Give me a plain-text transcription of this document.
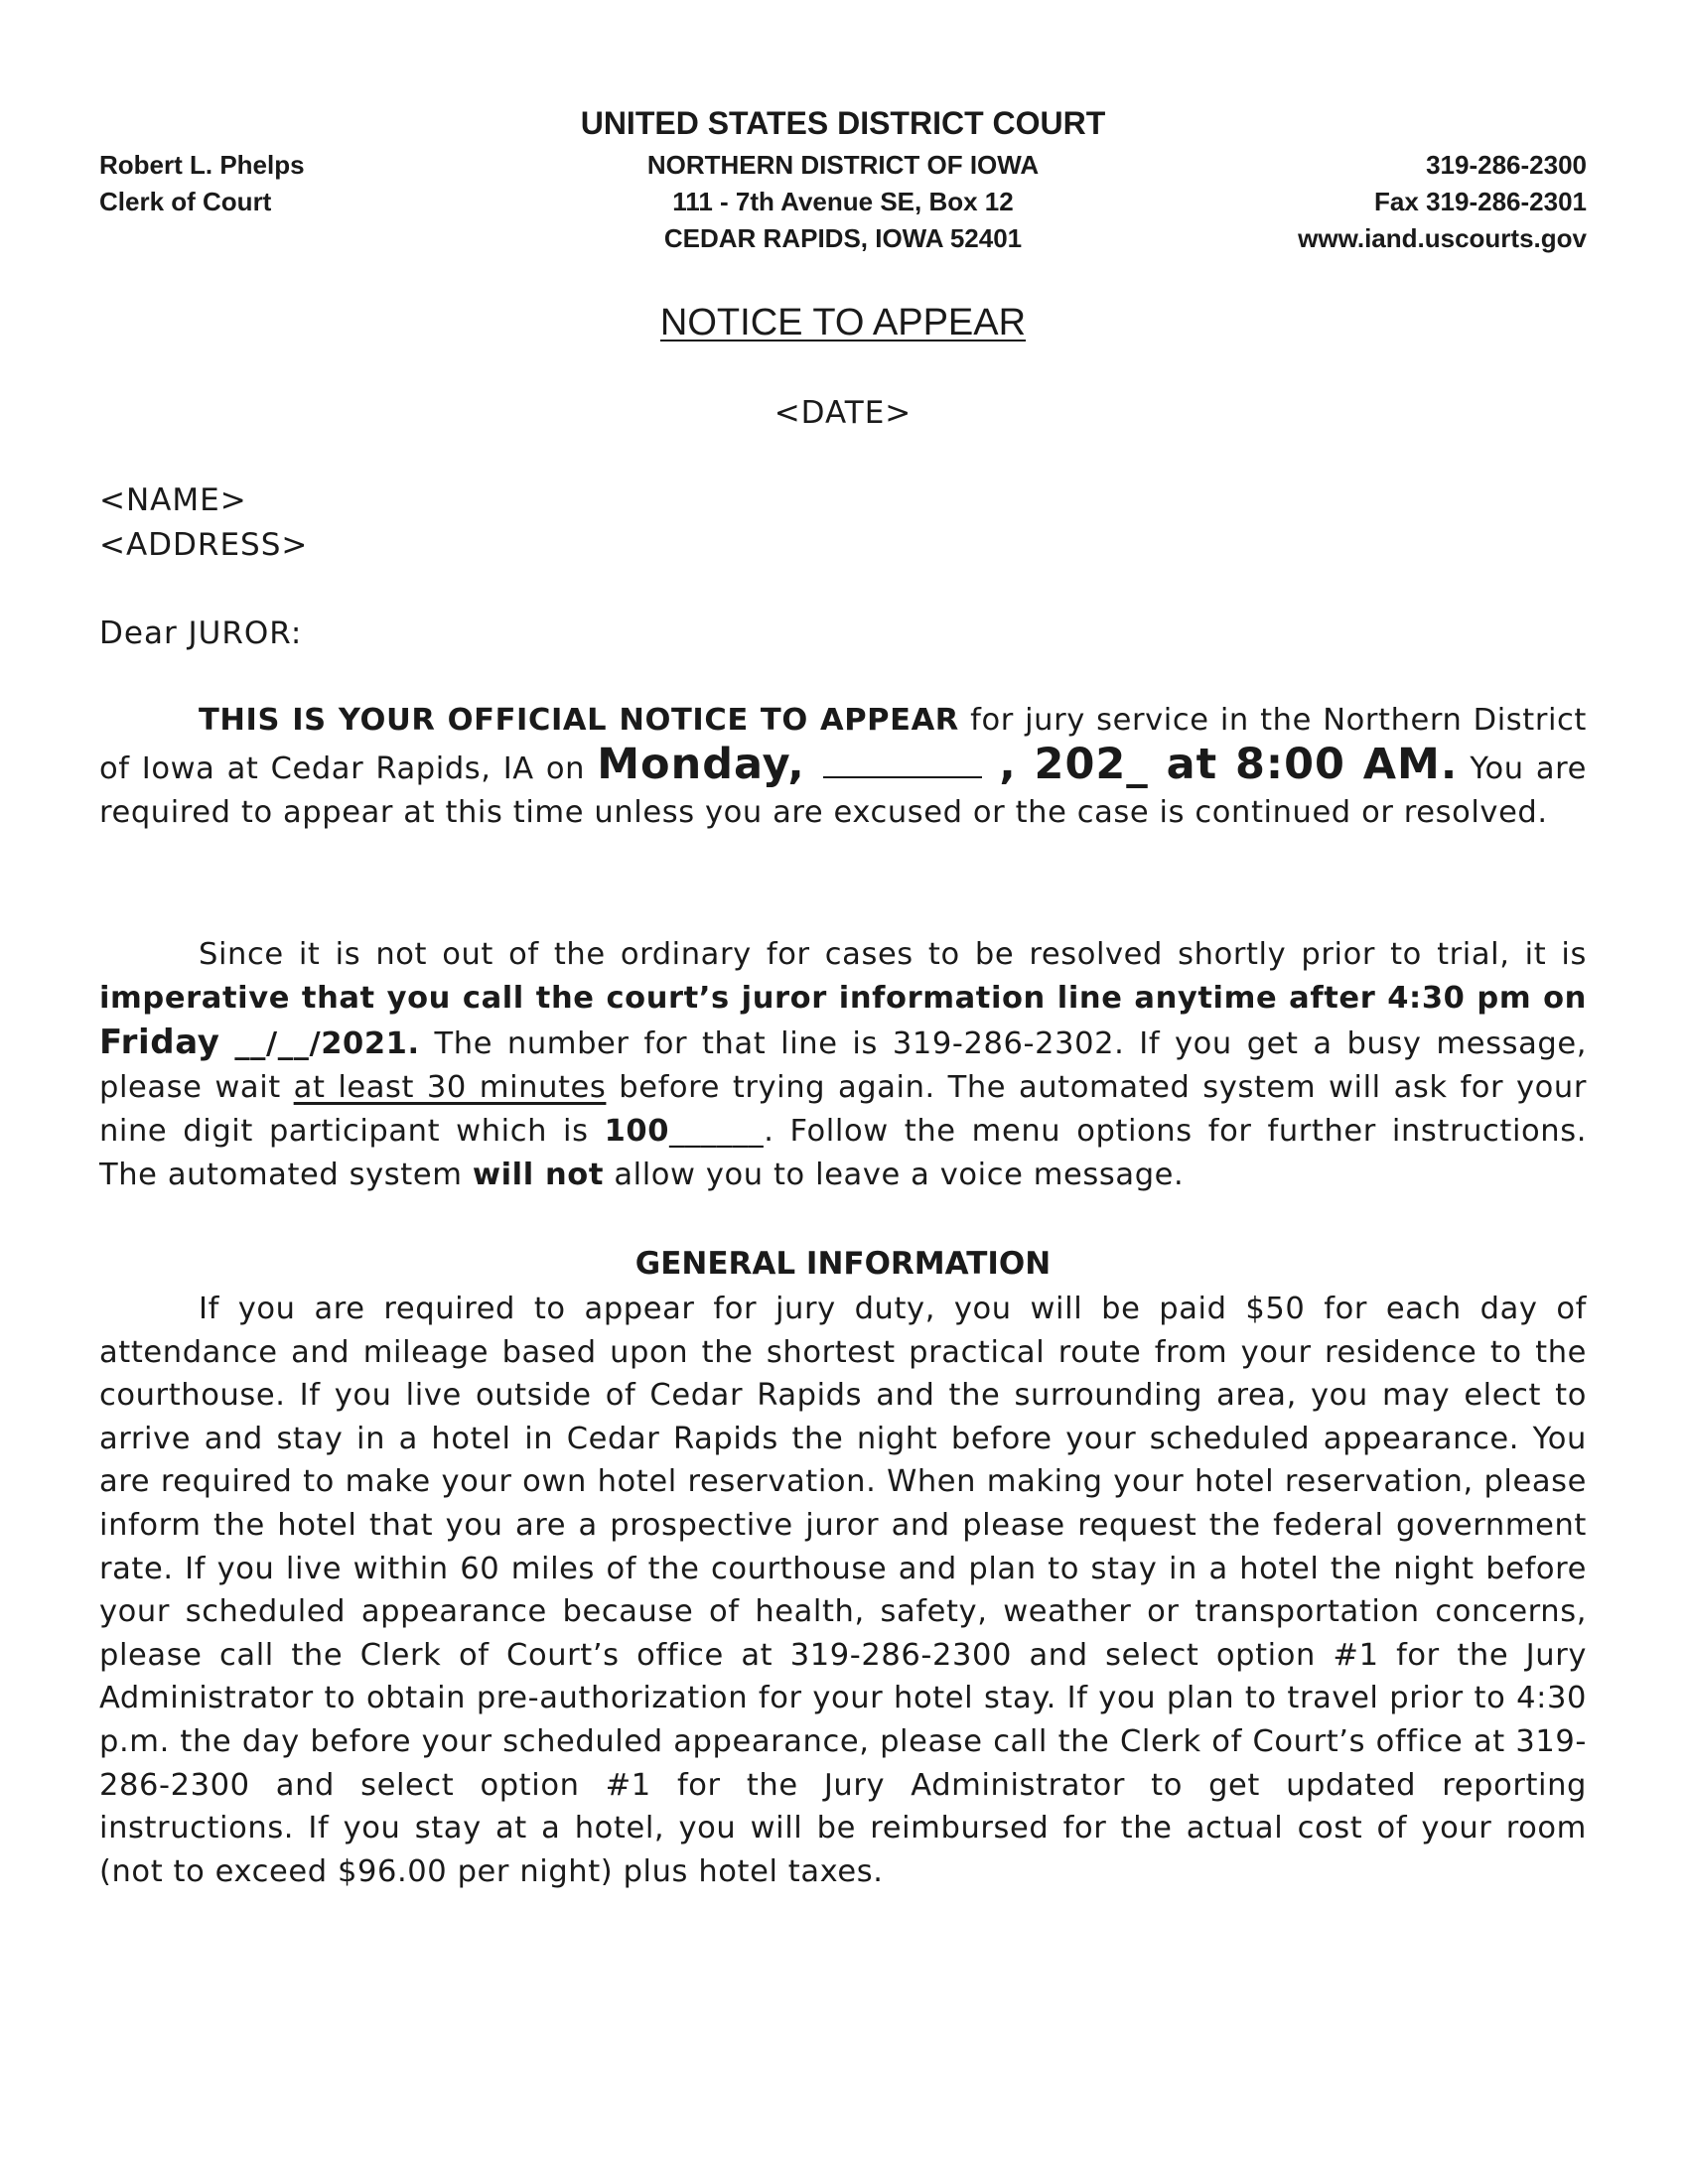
UNITED STATES DISTRICT COURT
Robert L. Phelps	NORTHERN DISTRICT OF IOWA	319-286-2300
Clerk of Court	111 - 7th Avenue SE, Box 12	Fax 319-286-2301
CEDAR RAPIDS, IOWA 52401	www.iand.uscourts.gov
NOTICE TO APPEAR
<DATE>
<NAME>
<ADDRESS>
Dear JUROR:
THIS IS YOUR OFFICIAL NOTICE TO APPEAR for jury service in the Northern District of Iowa at Cedar Rapids, IA on Monday,	, 202_ at 8:00 AM. You are required to appear at this time unless you are excused or the case is continued or resolved.
Since it is not out of the ordinary for cases to be resolved shortly prior to trial, it is imperative that you call the court’s juror information line anytime after 4:30 pm on Friday __/__/2021. The number for that line is 319-286-2302. If you get a busy message, please wait at least 30 minutes before trying again. The automated system will ask for your nine digit participant which is 100______. Follow the menu options for further instructions. The automated system will not allow you to leave a voice message.
GENERAL INFORMATION
If you are required to appear for jury duty, you will be paid $50 for each day of attendance and mileage based upon the shortest practical route from your residence to the courthouse. If you live outside of Cedar Rapids and the surrounding area, you may elect to arrive and stay in a hotel in Cedar Rapids the night before your scheduled appearance. You are required to make your own hotel reservation. When making your hotel reservation, please inform the hotel that you are a prospective juror and please request the federal government rate. If you live within 60 miles of the courthouse and plan to stay in a hotel the night before your scheduled appearance because of health, safety, weather or transportation concerns, please call the Clerk of Court’s office at 319-286-2300 and select option #1 for the Jury Administrator to obtain pre-authorization for your hotel stay. If you plan to travel prior to 4:30 p.m. the day before your scheduled appearance, please call the Clerk of Court’s office at 319-286-2300 and select option #1 for the Jury Administrator to get updated reporting instructions. If you stay at a hotel, you will be reimbursed for the actual cost of your room (not to exceed $96.00 per night) plus hotel taxes.
